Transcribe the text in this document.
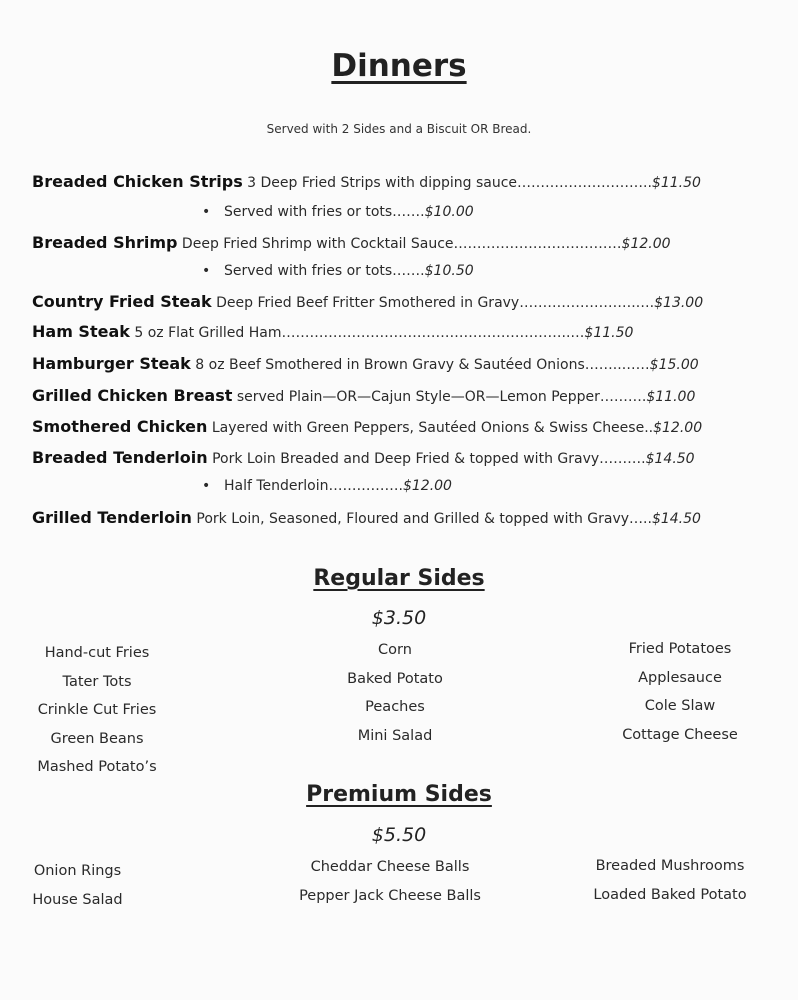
Dinners
Served with 2 Sides and a Biscuit OR Bread.
Breaded Chicken Strips 3 Deep Fried Strips with dipping sauce………………………..$11.50
• Served with fries or tots…….$10.00
Breaded Shrimp Deep Fried Shrimp with Cocktail Sauce………………………………$12.00
• Served with fries or tots…….$10.50
Country Fried Steak Deep Fried Beef Fritter Smothered in Gravy…………………….….$13.00
Ham Steak 5 oz Flat Grilled Ham……………………………………………………..…$11.50
Hamburger Steak 8 oz Beef Smothered in Brown Gravy & Sautéed Onions……..……$15.00
Grilled Chicken Breast served Plain—OR—Cajun Style—OR—Lemon Pepper……….$11.00
Smothered Chicken Layered with Green Peppers, Sautéed Onions & Swiss Cheese..$12.00
Breaded Tenderloin Pork Loin Breaded and Deep Fried & topped with Gravy……….$14.50
• Half Tenderloin…………….$12.00
Grilled Tenderloin Pork Loin, Seasoned, Floured and Grilled & topped with Gravy…..$14.50
Regular Sides
$3.50
Hand-cut Fries
Tater Tots
Crinkle Cut Fries
Green Beans
Mashed Potato’s
Corn
Baked Potato
Peaches
Mini Salad
Fried Potatoes
Applesauce
Cole Slaw
Cottage Cheese
Premium Sides
$5.50
Onion Rings
House Salad
Cheddar Cheese Balls
Pepper Jack Cheese Balls
Breaded Mushrooms
Loaded Baked Potato
